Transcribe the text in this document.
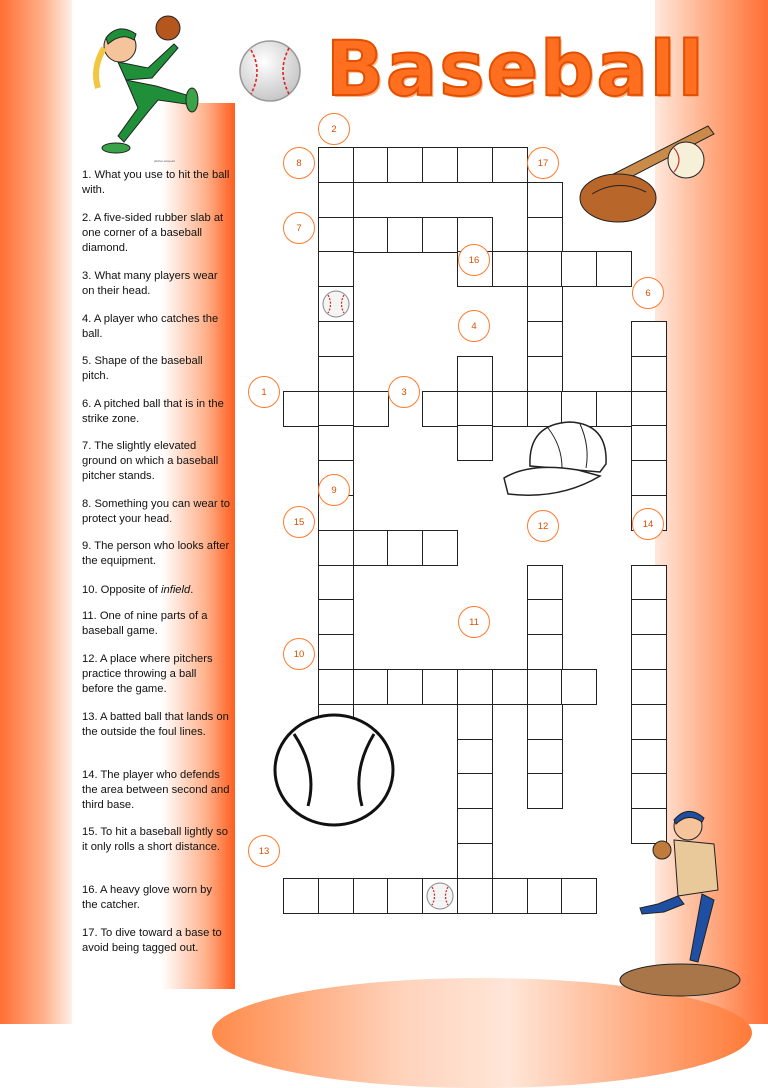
Baseball
pitcher-wrap-art

1. What you use to hit the ball with.

2. A five-sided rubber slab at one corner of a baseball diamond.

3. What many players wear on their head.

4. A player who catches the ball.

5. Shape of the baseball pitch.

6. A pitched ball that is in the strike zone.

7. The slightly elevated ground on which a baseball pitcher stands.

8. Something you can wear to protect your head.

9. The person who looks after the equipment.

10. Opposite of infield.

11. One of nine parts of a baseball game.

12. A place where pitchers practice throwing a ball before the game.

13. A batted ball that lands on the outside the foul lines.

14. The player who defends the area between second and third base.

15. To hit a baseball lightly so it only rolls a short distance.

16. A heavy glove worn by the catcher.

17. To dive toward a base to avoid being tagged out.

1
2
3
4
6
7
8
9
10
11
12
13
14
15
16
17
